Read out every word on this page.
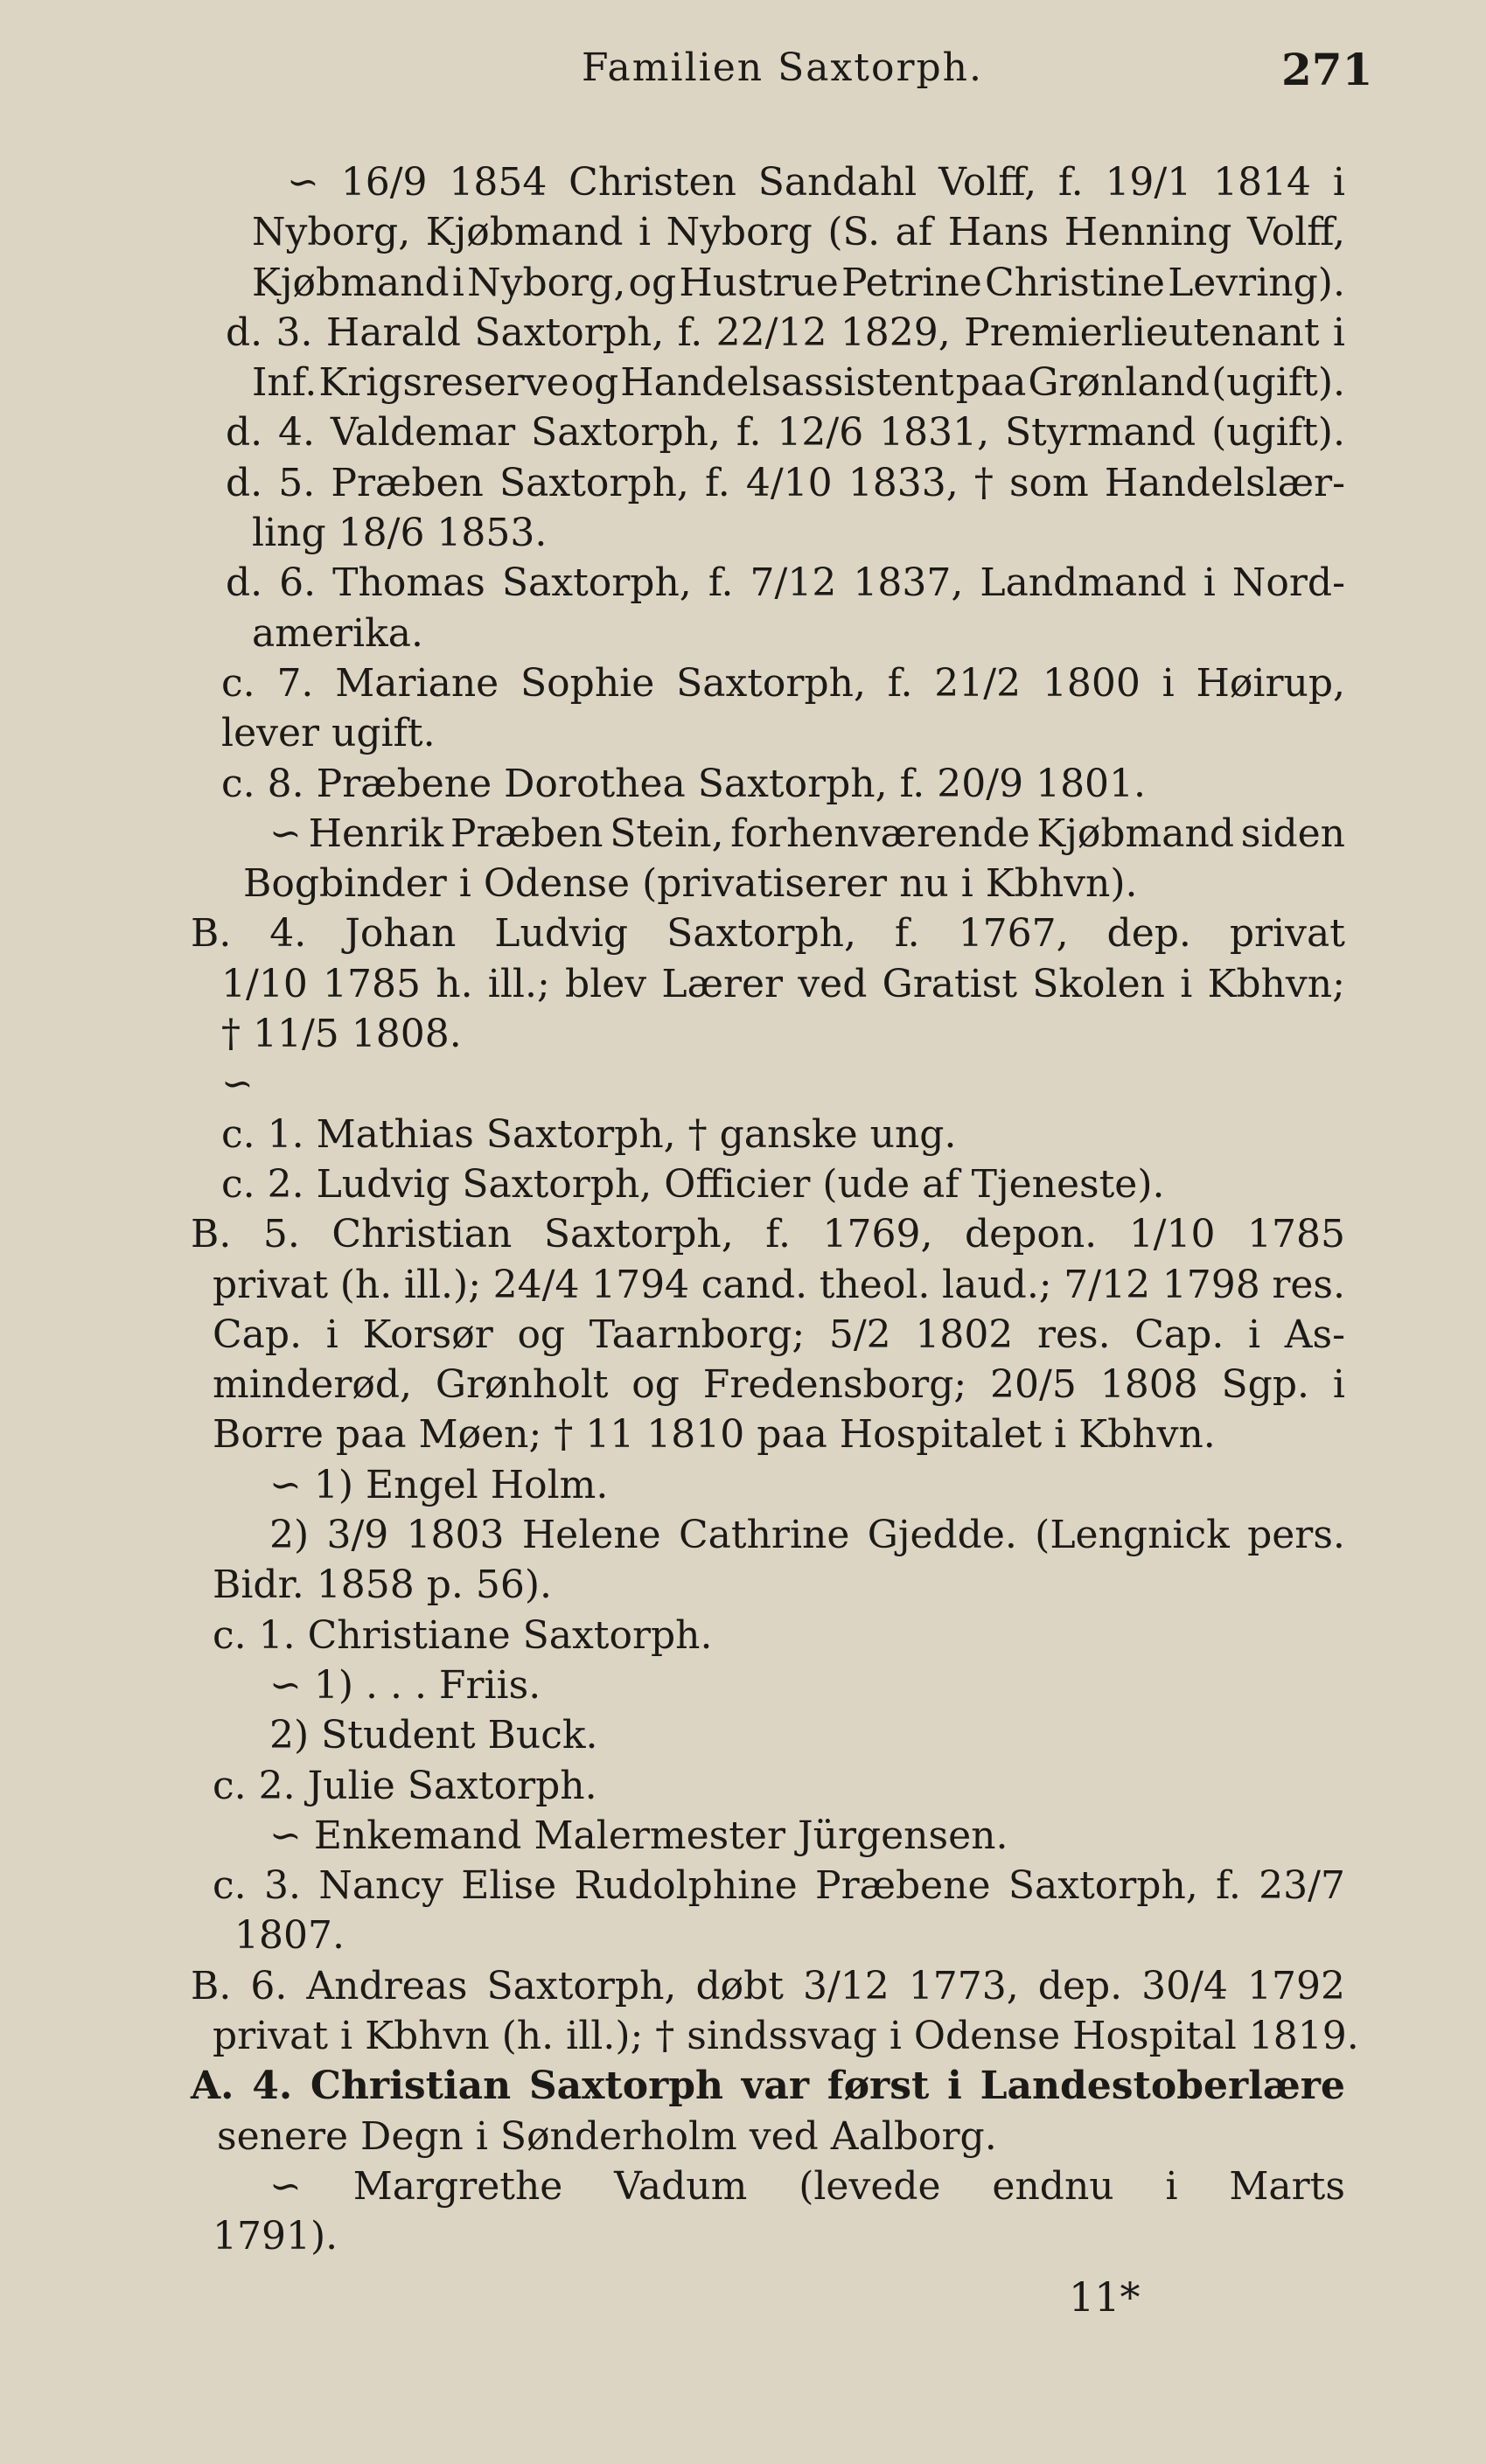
Familien Saxtorph.	271
∽ 16/9 1854 Christen Sandahl Volff, f. 19/1 1814 i
Nyborg, Kjøbmand i Nyborg (S. af Hans Henning Volff,
Kjøbmand i Nyborg, og Hustrue Petrine Christine Levring).
d. 3. Harald Saxtorph, f. 22/12 1829, Premierlieutenant i
Inf. Krigsreserve og Handelsassistent paa Grønland (ugift).
d. 4. Valdemar Saxtorph, f. 12/6 1831, Styrmand (ugift).
d. 5. Præben Saxtorph, f. 4/10 1833, † som Handelslær-
ling 18/6 1853.
d. 6. Thomas Saxtorph, f. 7/12 1837, Landmand i Nord-
amerika.
c. 7. Mariane Sophie Saxtorph, f. 21/2 1800 i Høirup,
lever ugift.
c. 8. Præbene Dorothea Saxtorph, f. 20/9 1801.
∽ Henrik Præben Stein, forhenværende Kjøbmand siden
Bogbinder i Odense (privatiserer nu i Kbhvn).
B. 4. Johan Ludvig Saxtorph, f. 1767, dep. privat
1/10 1785 h. ill.; blev Lærer ved Gratist Skolen i Kbhvn;
† 11/5 1808.
∽
c. 1. Mathias Saxtorph, † ganske ung.
c. 2. Ludvig Saxtorph, Officier (ude af Tjeneste).
B. 5. Christian Saxtorph, f. 1769, depon. 1/10 1785
privat (h. ill.); 24/4 1794 cand. theol. laud.; 7/12 1798 res.
Cap. i Korsør og Taarnborg; 5/2 1802 res. Cap. i As-
minderød, Grønholt og Fredensborg; 20/5 1808 Sgp. i
Borre paa Møen; † 11 1810 paa Hospitalet i Kbhvn.
∽ 1) Engel Holm.
2) 3/9 1803 Helene Cathrine Gjedde. (Lengnick pers.
Bidr. 1858 p. 56).
c. 1. Christiane Saxtorph.
∽ 1) . . . Friis.
2) Student Buck.
c. 2. Julie Saxtorph.
∽ Enkemand Malermester Jürgensen.
c. 3. Nancy Elise Rudolphine Præbene Saxtorph, f. 23/7
1807.
B. 6. Andreas Saxtorph, døbt 3/12 1773, dep. 30/4 1792
privat i Kbhvn (h. ill.); † sindssvag i Odense Hospital 1819.
A. 4. Christian Saxtorph var først i Landestoberlære
senere Degn i Sønderholm ved Aalborg.
∽ Margrethe Vadum (levede endnu i Marts
1791).
11*
